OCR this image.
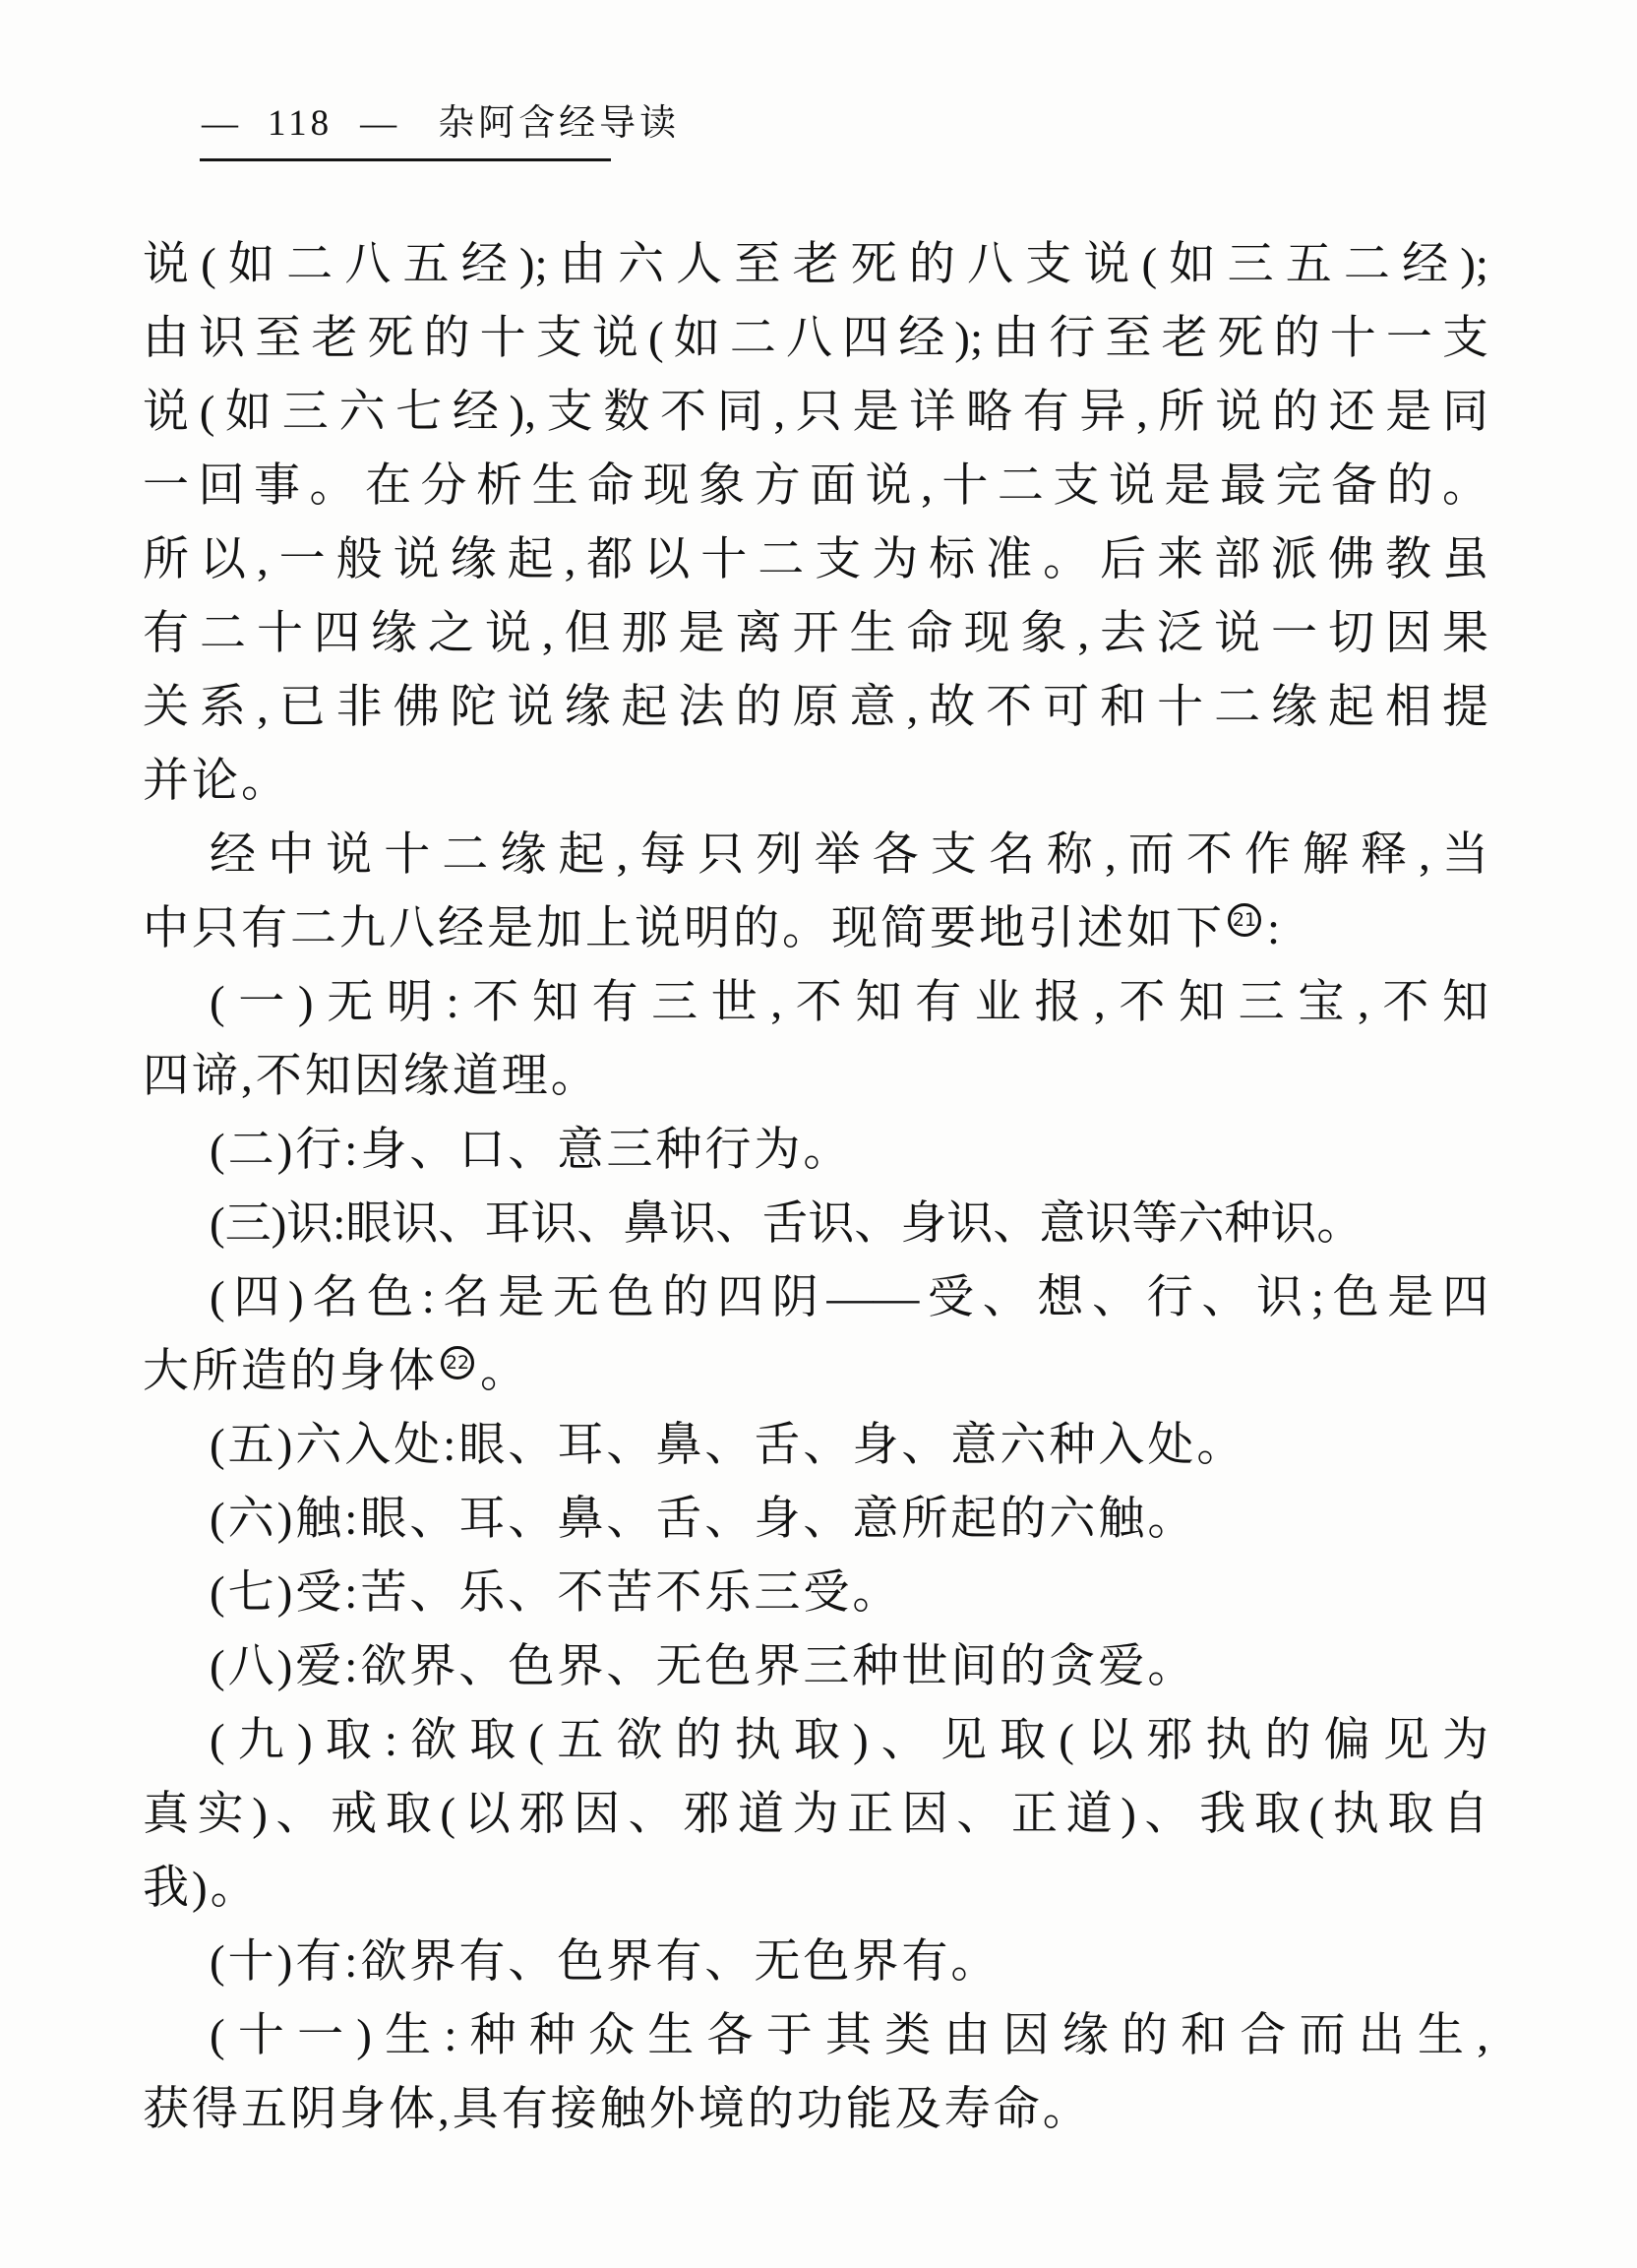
— 118 — 杂阿含经导读
说(如二八五经);由六人至老死的八支说(如三五二经);
由识至老死的十支说(如二八四经);由行至老死的十一支
说(如三六七经),支数不同,只是详略有异,所说的还是同
一回事。在分析生命现象方面说,十二支说是最完备的。
所以,一般说缘起,都以十二支为标准。后来部派佛教虽
有二十四缘之说,但那是离开生命现象,去泛说一切因果
关系,已非佛陀说缘起法的原意,故不可和十二缘起相提
并论。
经中说十二缘起,每只列举各支名称,而不作解释,当
中只有二九八经是加上说明的。现简要地引述如下 21 :
(一)无明:不知有三世,不知有业报,不知三宝,不知
四谛,不知因缘道理。
(二)行:身、口、意三种行为。
(三)识:眼识、耳识、鼻识、舌识、身识、意识等六种识。
(四)名色:名是无色的四阴——受、想、行、识;色是四
大所造的身体 22 。
(五)六入处:眼、耳、鼻、舌、身、意六种入处。
(六)触:眼、耳、鼻、舌、身、意所起的六触。
(七)受:苦、乐、不苦不乐三受。
(八)爱:欲界、色界、无色界三种世间的贪爱。
(九)取:欲取(五欲的执取)、见取(以邪执的偏见为
真实)、戒取(以邪因、邪道为正因、正道)、我取(执取自
我)。
(十)有:欲界有、色界有、无色界有。
(十一)生:种种众生各于其类由因缘的和合而出生,
获得五阴身体,具有接触外境的功能及寿命。
